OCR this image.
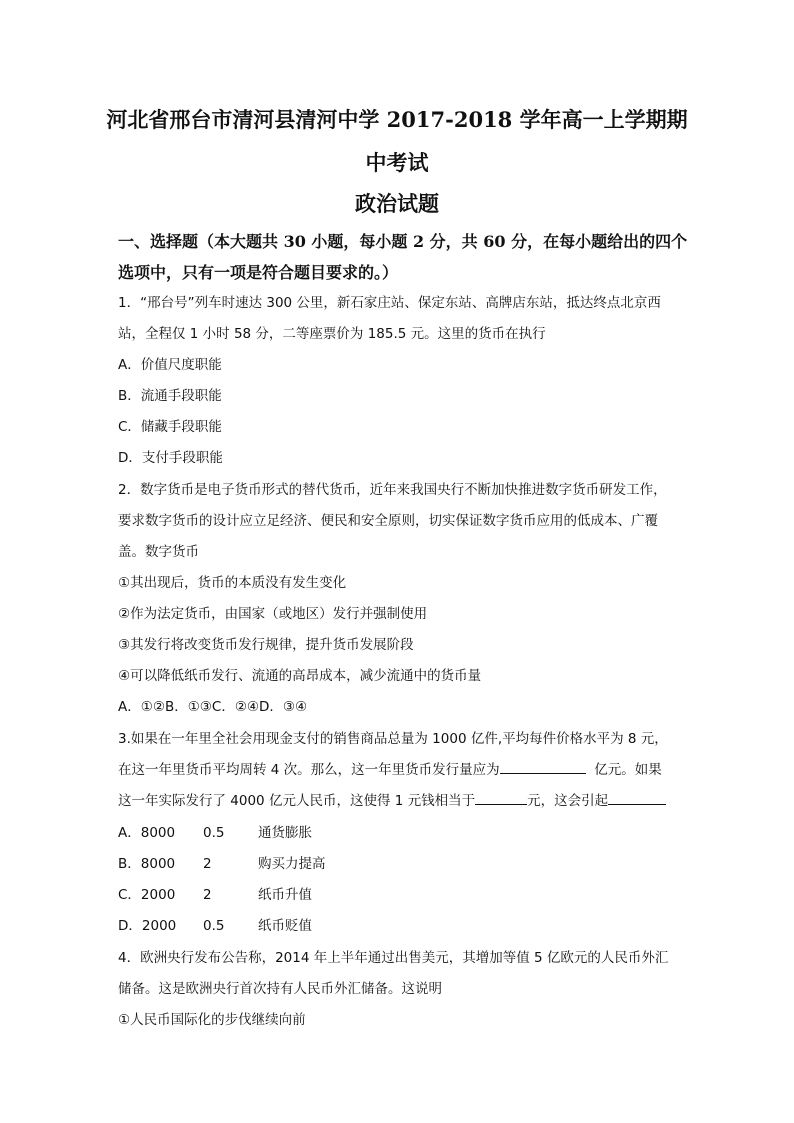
河北省邢台市清河县清河中学 2017-2018 学年高一上学期期
中考试
政治试题
一、选择题（本大题共 30 小题，每小题 2 分，共 60 分，在每小题给出的四个
选项中，只有一项是符合题目要求的。）
1．“邢台号”列车时速达 300 公里，新石家庄站、保定东站、高牌店东站，抵达终点北京西
站，全程仅 1 小时 58 分，二等座票价为 185.5 元。这里的货币在执行
A．价值尺度职能
B．流通手段职能
C．储藏手段职能
D．支付手段职能
2．数字货币是电子货币形式的替代货币，近年来我国央行不断加快推进数字货币研发工作，
要求数字货币的设计应立足经济、便民和安全原则，切实保证数字货币应用的低成本、广覆
盖。数字货币
①其出现后，货币的本质没有发生变化
②作为法定货币，由国家（或地区）发行并强制使用
③其发行将改变货币发行规律，提升货币发展阶段
④可以降低纸币发行、流通的高昂成本，减少流通中的货币量
A．①②B．①③C．②④D．③④
3.如果在一年里全社会用现金支付的销售商品总量为 1000 亿件,平均每件价格水平为 8 元，
在这一年里货币平均周转 4 次。那么，这一年里货币发行量应为	亿元。如果
这一年实际发行了 4000 亿元人民币，这使得 1 元钱相当于	元，这会引起
A．8000 0.5 通货膨胀
B．8000 2	购买力提高
C．2000 2	纸币升值
D．2000 0.5 纸币贬值
4．欧洲央行发布公告称，2014 年上半年通过出售美元，其增加等值 5 亿欧元的人民币外汇
储备。这是欧洲央行首次持有人民币外汇储备。这说明
①人民币国际化的步伐继续向前
